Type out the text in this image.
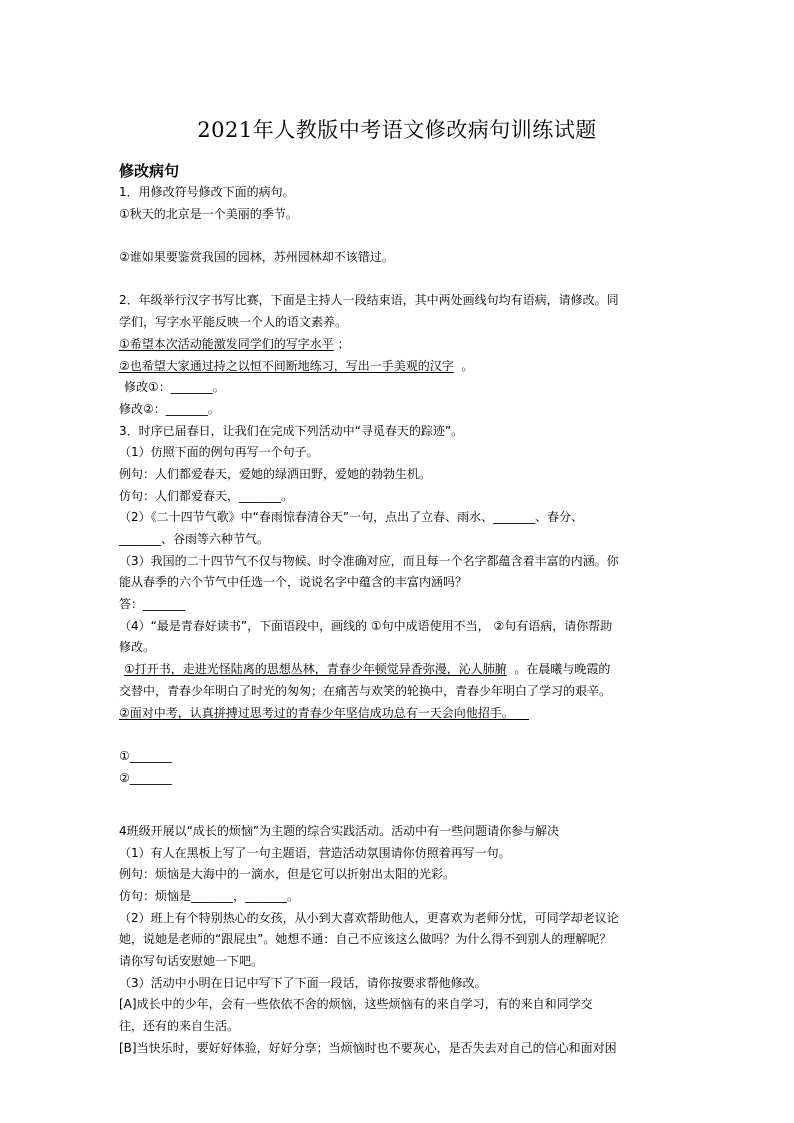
2021年人教版中考语文修改病句训练试题
修改病句
1．用修改符号修改下面的病句。
①秋天的北京是一个美丽的季节。
②谁如果要鉴赏我国的园林，苏州园林却不该错过。
2．年级举行汉字书写比赛，下面是主持人一段结束语，其中两处画线句均有语病，请修改。同
学们，写字水平能反映一个人的语文素养。
①希望本次活动能激发同学们的写字水平 ；
②也希望大家通过持之以恒不间断地练习，写出一手美观的汉字 。
修改①：_______。
修改②：_______。
3．时序已届春日，让我们在完成下列活动中“寻觅春天的踪迹”。
（1）仿照下面的例句再写一个句子。
例句：人们都爱春天，爱她的绿洒田野，爱她的勃勃生机。
仿句：人们都爱春天，_______。
（2）《二十四节气歌》中“春雨惊春清谷天”一句，点出了立春、雨水、_______、春分、
_______、谷雨等六种节气。
（3）我国的二十四节气不仅与物候、时令准确对应，而且每一个名字都蕴含着丰富的内涵。你
能从春季的六个节气中任选一个，说说名字中蕴含的丰富内涵吗？
答：_______
（4）“最是青春好读书”，下面语段中，画线的 ①句中成语使用不当， ②句有语病，请你帮助
修改。
①打开书，走进光怪陆离的思想丛林，青春少年顿觉异香弥漫，沁人肺腑 。在晨曦与晚霞的
交替中，青春少年明白了时光的匆匆；在痛苦与欢笑的轮换中，青春少年明白了学习的艰辛。
②面对中考，认真拼搏过思考过的青春少年坚信成功总有一天会向他招手。
①_______
②_______
4班级开展以“成长的烦恼”为主题的综合实践活动。活动中有一些问题请你参与解决
（1）有人在黑板上写了一句主题语，营造活动氛围请你仿照着再写一句。
例句：烦恼是大海中的一滴水，但是它可以折射出太阳的光彩。
仿句：烦恼是_______，_______。
（2）班上有个特别热心的女孩，从小到大喜欢帮助他人，更喜欢为老师分忧，可同学却老议论
她，说她是老师的“跟屁虫”。她想不通：自己不应该这么做吗？为什么得不到别人的理解呢？
请你写句话安慰她一下吧。
（3）活动中小明在日记中写下了下面一段话，请你按要求帮他修改。
[A]成长中的少年，会有一些依依不舍的烦恼，这些烦恼有的来自学习，有的来自和同学交
往，还有的来自生活。
[B]当快乐时，要好好体验，好好分享；当烦恼时也不要灰心，是否失去对自己的信心和面对困
